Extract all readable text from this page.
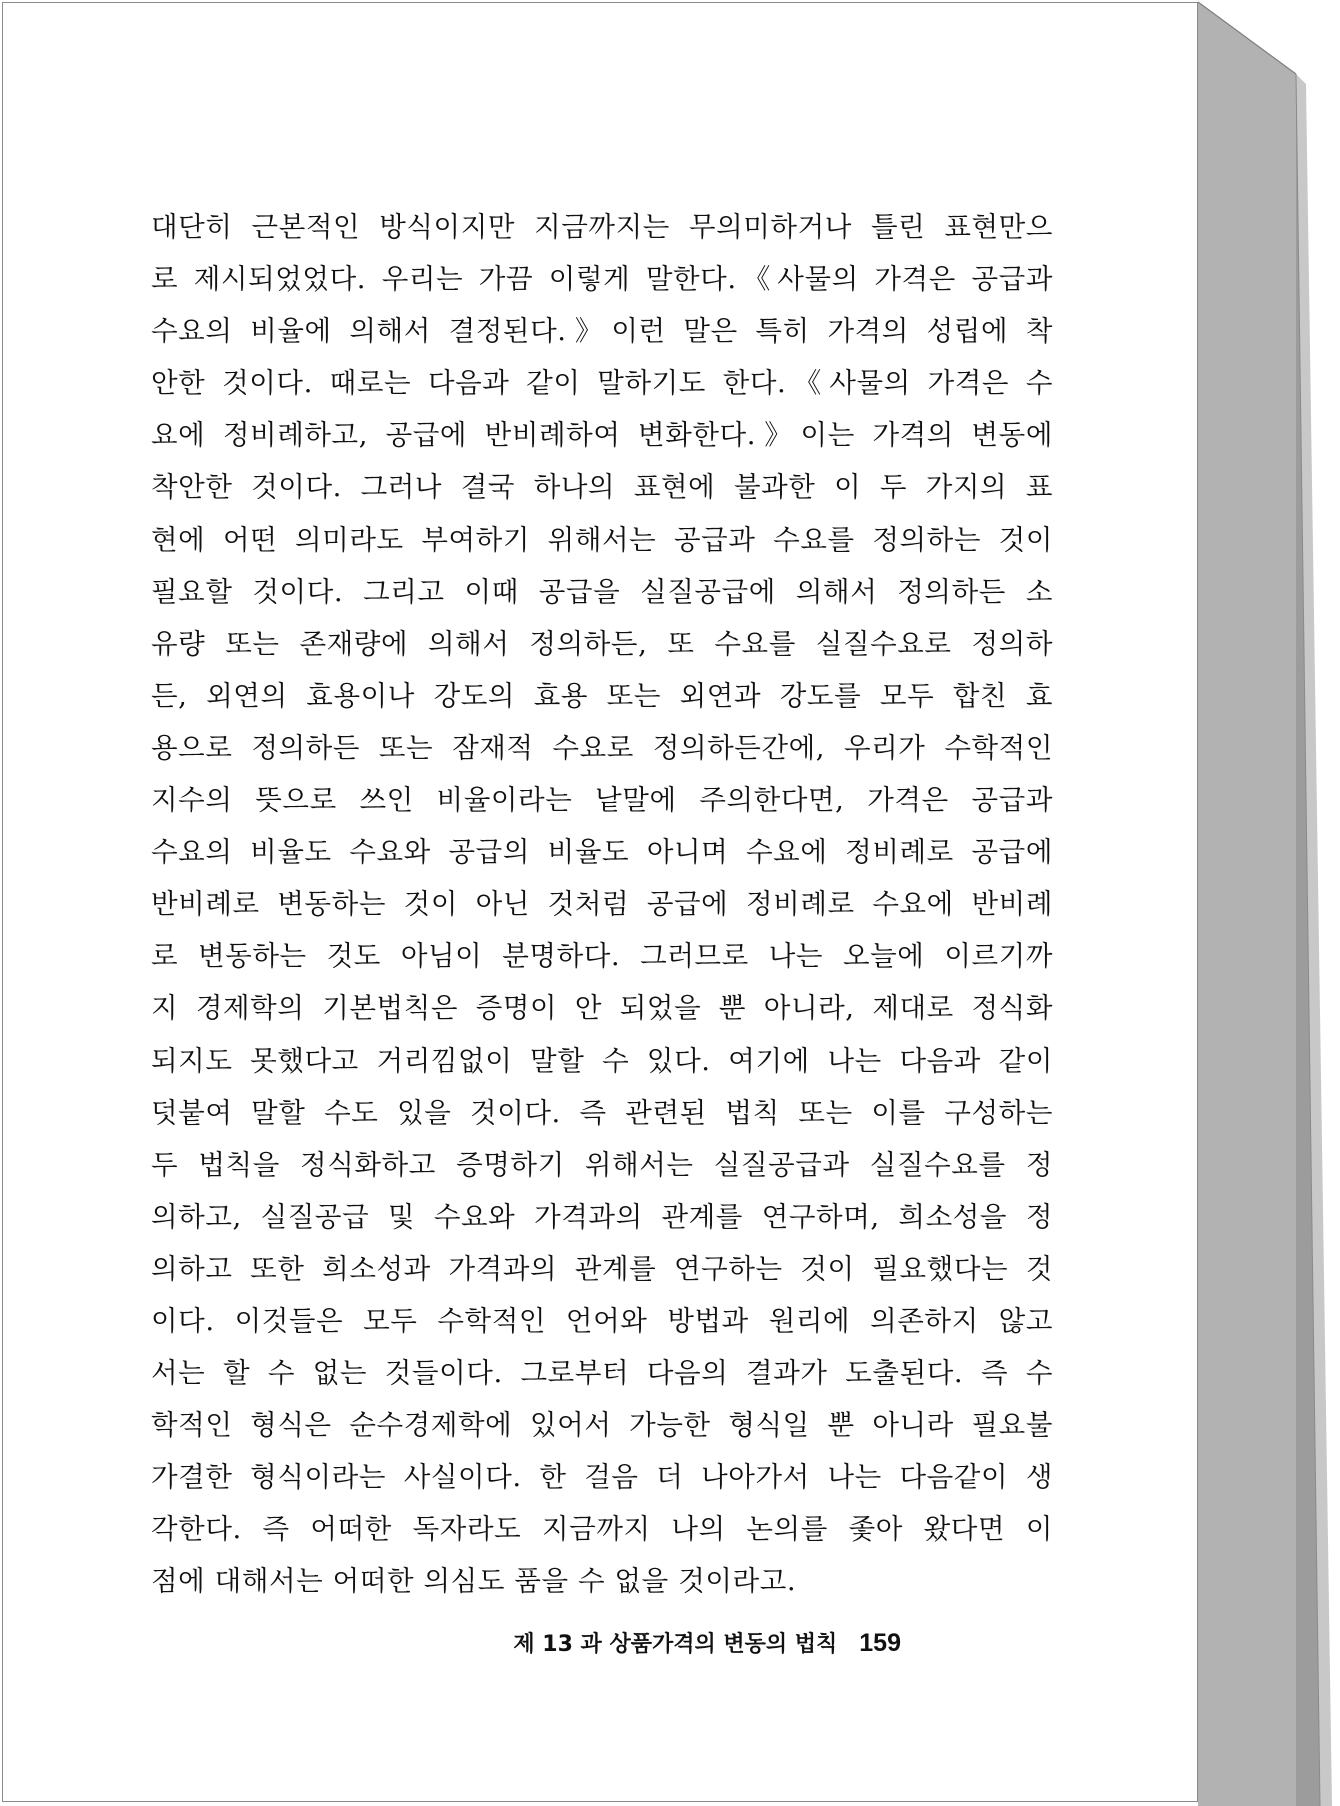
대단히 근본적인 방식이지만 지금까지는 무의미하거나 틀린 표현만으
로 제시되었었다. 우리는 가끔 이렇게 말한다.《사물의 가격은 공급과
수요의 비율에 의해서 결정된다.》이런 말은 특히 가격의 성립에 착
안한 것이다. 때로는 다음과 같이 말하기도 한다.《사물의 가격은 수
요에 정비례하고, 공급에 반비례하여 변화한다.》이는 가격의 변동에
착안한 것이다. 그러나 결국 하나의 표현에 불과한 이 두 가지의 표
현에 어떤 의미라도 부여하기 위해서는 공급과 수요를 정의하는 것이
필요할 것이다. 그리고 이때 공급을 실질공급에 의해서 정의하든 소
유량 또는 존재량에 의해서 정의하든, 또 수요를 실질수요로 정의하
든, 외연의 효용이나 강도의 효용 또는 외연과 강도를 모두 합친 효
용으로 정의하든 또는 잠재적 수요로 정의하든간에, 우리가 수학적인
지수의 뜻으로 쓰인 비율이라는 낱말에 주의한다면, 가격은 공급과
수요의 비율도 수요와 공급의 비율도 아니며 수요에 정비례로 공급에
반비례로 변동하는 것이 아닌 것처럼 공급에 정비례로 수요에 반비례
로 변동하는 것도 아님이 분명하다. 그러므로 나는 오늘에 이르기까
지 경제학의 기본법칙은 증명이 안 되었을 뿐 아니라, 제대로 정식화
되지도 못했다고 거리낌없이 말할 수 있다. 여기에 나는 다음과 같이
덧붙여 말할 수도 있을 것이다. 즉 관련된 법칙 또는 이를 구성하는
두 법칙을 정식화하고 증명하기 위해서는 실질공급과 실질수요를 정
의하고, 실질공급 및 수요와 가격과의 관계를 연구하며, 희소성을 정
의하고 또한 희소성과 가격과의 관계를 연구하는 것이 필요했다는 것
이다. 이것들은 모두 수학적인 언어와 방법과 원리에 의존하지 않고
서는 할 수 없는 것들이다. 그로부터 다음의 결과가 도출된다. 즉 수
학적인 형식은 순수경제학에 있어서 가능한 형식일 뿐 아니라 필요불
가결한 형식이라는 사실이다. 한 걸음 더 나아가서 나는 다음같이 생
각한다. 즉 어떠한 독자라도 지금까지 나의 논의를 좇아 왔다면 이
점에 대해서는 어떠한 의심도 품을 수 없을 것이라고.
제 13 과 상품가격의 변동의 법칙 159
